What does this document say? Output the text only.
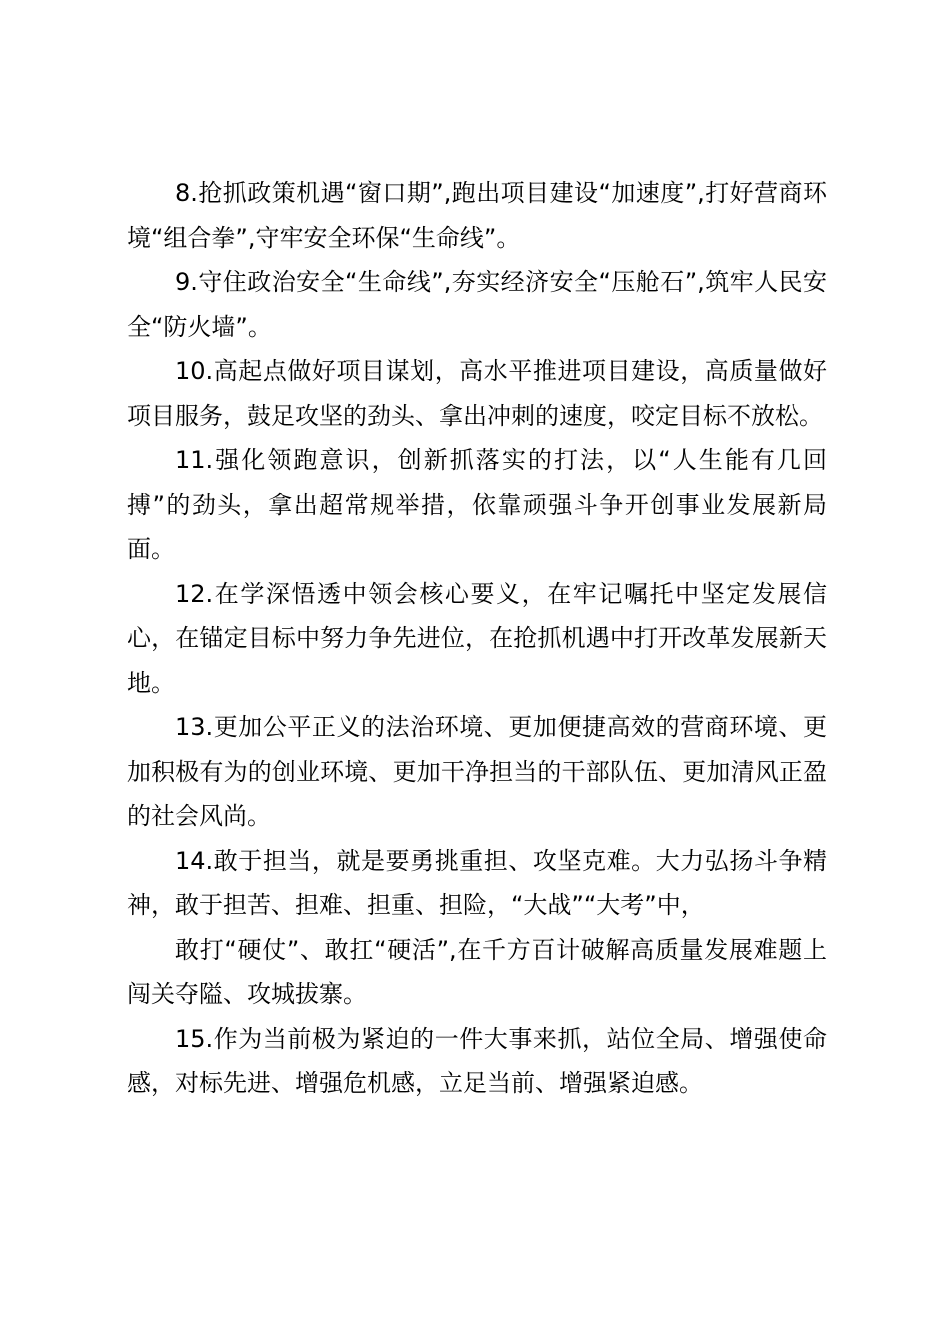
8.抢抓政策机遇“窗口期”,跑出项目建设“加速度”,打好营商环境“组合拳”,守牢安全环保“生命线”。

9.守住政治安全“生命线”,夯实经济安全“压舱石”,筑牢人民安全“防火墙”。

10.高起点做好项目谋划，高水平推进项目建设，高质量做好项目服务，鼓足攻坚的劲头、拿出冲刺的速度，咬定目标不放松。

11.强化领跑意识，创新抓落实的打法，以“人生能有几回搏”的劲头，拿出超常规举措，依靠顽强斗争开创事业发展新局面。

12.在学深悟透中领会核心要义，在牢记嘱托中坚定发展信心，在锚定目标中努力争先进位，在抢抓机遇中打开改革发展新天地。

13.更加公平正义的法治环境、更加便捷高效的营商环境、更加积极有为的创业环境、更加干净担当的干部队伍、更加清风正盈的社会风尚。

14.敢于担当，就是要勇挑重担、攻坚克难。大力弘扬斗争精神，敢于担苦、担难、担重、担险，“大战”“大考”中，

敢打“硬仗”、敢扛“硬活”,在千方百计破解高质量发展难题上闯关夺隘、攻城拔寨。

15.作为当前极为紧迫的一件大事来抓，站位全局、增强使命感，对标先进、增强危机感，立足当前、增强紧迫感。
